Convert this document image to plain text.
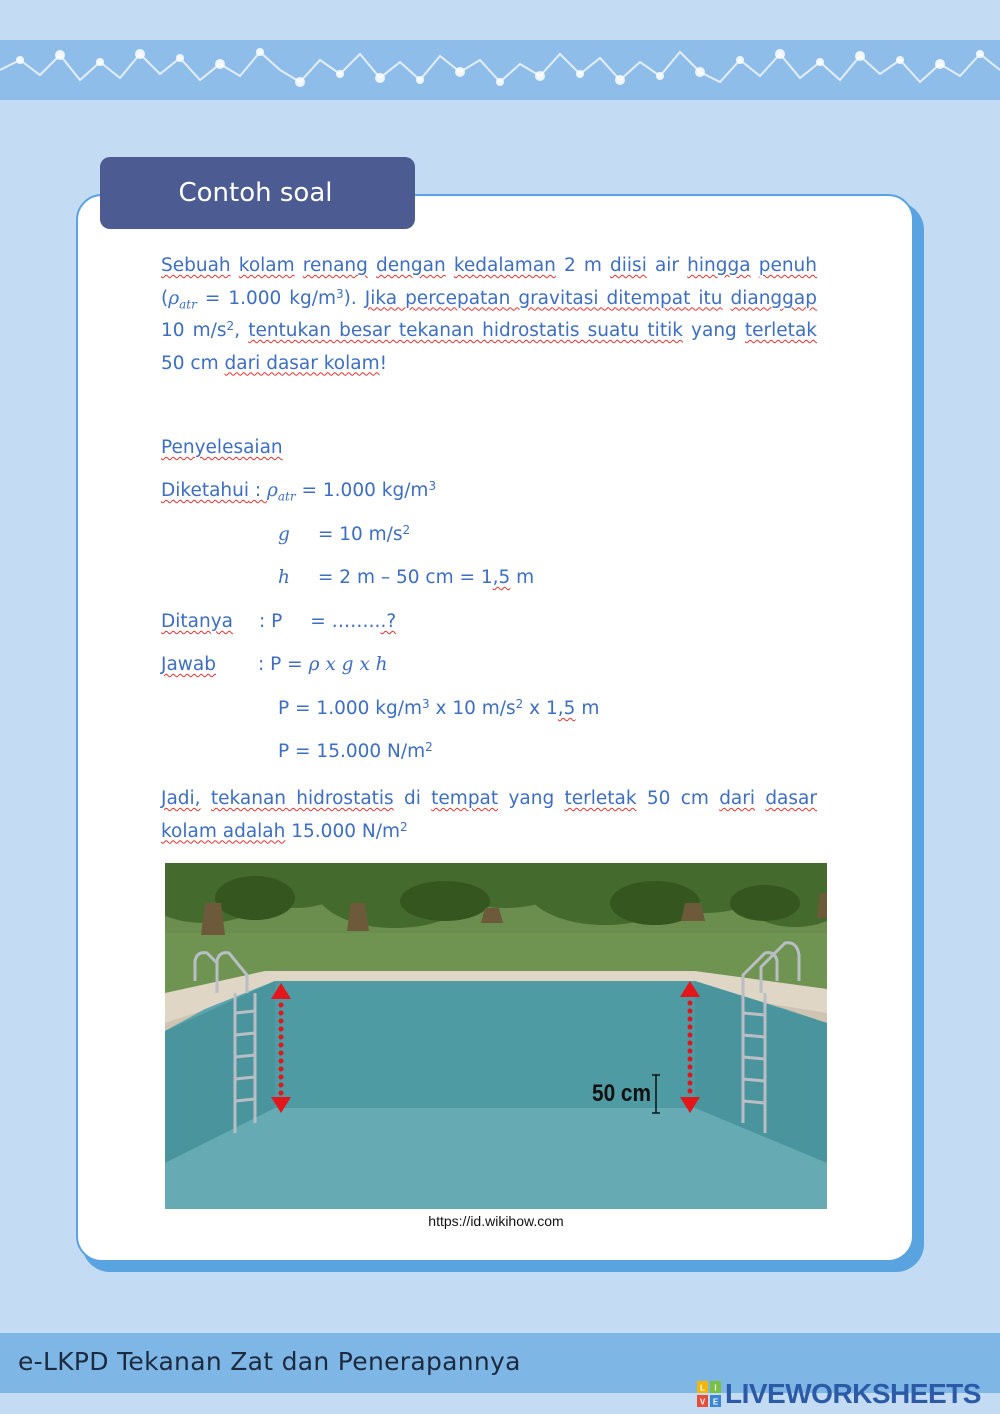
Contoh soal

Sebuah kolam renang dengan kedalaman 2 m diisi air hingga penuh ($\rho_{atr} = 1.000$ $kg/m^3$). Jika percepatan gravitasi ditempat itu dianggap 10 $m/s^2$, tentukan besar tekanan hidrostatis suatu titik yang terletak 50 cm dari dasar kolam!

Penyelesaian
Diketahui : $\rho_{atr} = 1.000$ $kg/m^3$
g = 10 $m/s^2$
h = 2 m – 50 cm = 1,5 m
Ditanya : P = ……...?
Jawab : P = ρ x g x h
P = 1.000 $kg/m^3$ x 10 $m/s^2$ x 1,5 m
P = 15.000 $N/m^2$

Jadi, tekanan hidrostatis di tempat yang terletak 50 cm dari dasar kolam adalah 15.000 $N/m^2$

50 cm
https://id.wikihow.com
e-LKPD Tekanan Zat dan Penerapannya
L I
V E LIVEWORKSHEETS
